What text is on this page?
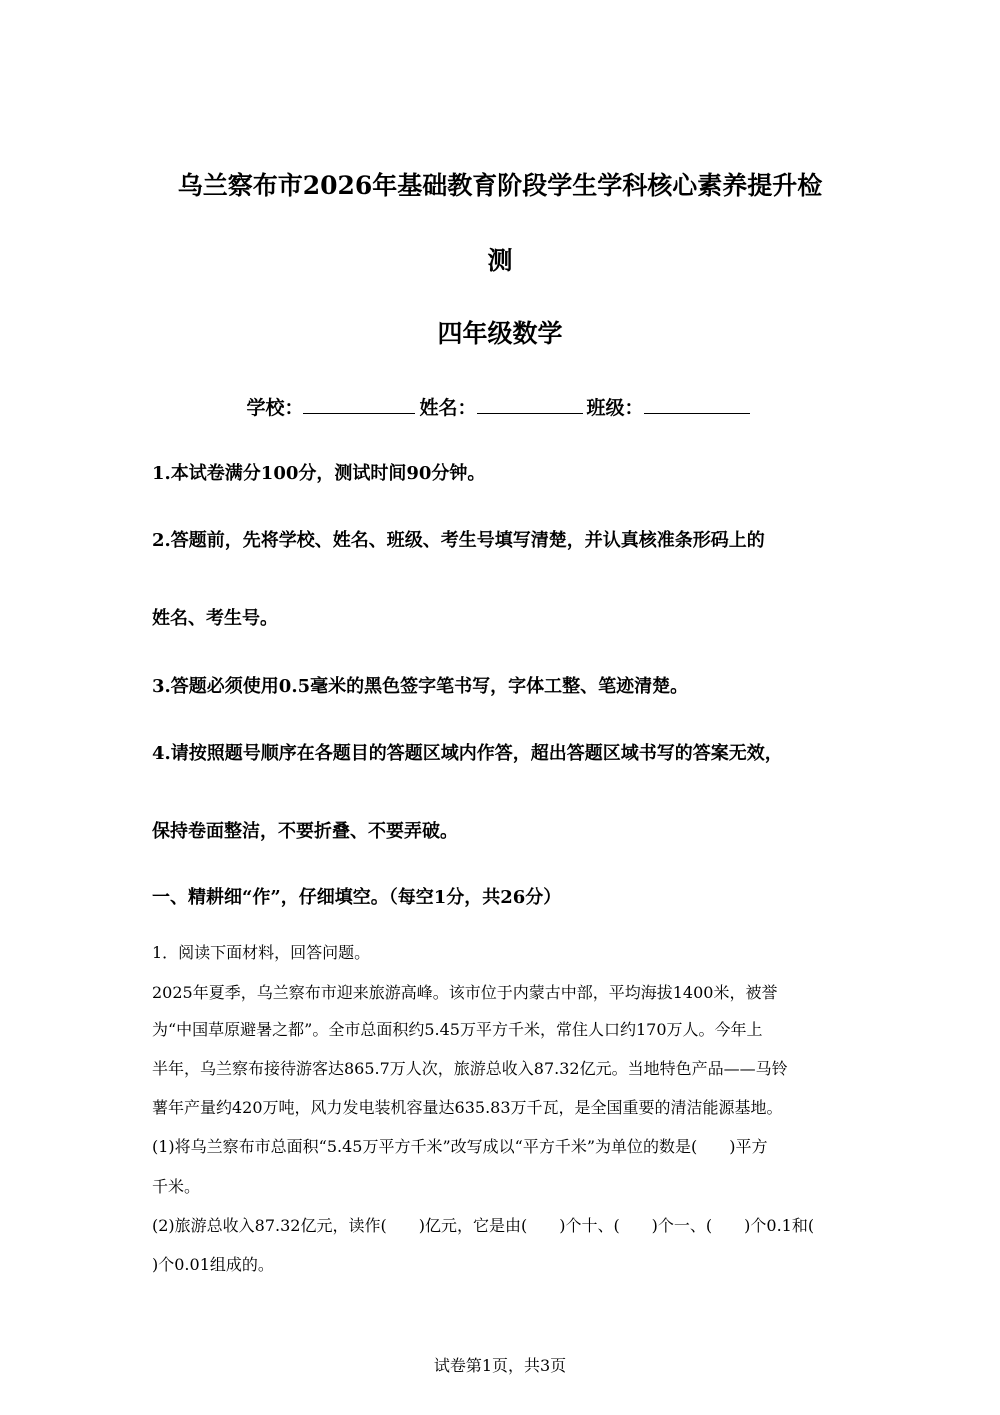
乌兰察布市2026年基础教育阶段学生学科核心素养提升检
测
四年级数学
学校：	姓名：	班级：
1.本试卷满分100分，测试时间90分钟。
2.答题前，先将学校、姓名、班级、考生号填写清楚，并认真核准条形码上的
姓名、考生号。
3.答题必须使用0.5毫米的黑色签字笔书写，字体工整、笔迹清楚。
4.请按照题号顺序在各题目的答题区域内作答，超出答题区域书写的答案无效，
保持卷面整洁，不要折叠、不要弄破。
一、精耕细“作”，仔细填空。（每空1分，共26分）
1．阅读下面材料，回答问题。
2025年夏季，乌兰察布市迎来旅游高峰。该市位于内蒙古中部，平均海拔1400米，被誉
为“中国草原避暑之都”。全市总面积约5.45万平方千米，常住人口约170万人。今年上
半年，乌兰察布接待游客达865.7万人次，旅游总收入87.32亿元。当地特色产品——马铃
薯年产量约420万吨，风力发电装机容量达635.83万千瓦，是全国重要的清洁能源基地。
(1)将乌兰察布市总面积“5.45万平方千米”改写成以“平方千米”为单位的数是(　　)平方
千米。
(2)旅游总收入87.32亿元，读作(　　)亿元，它是由(　　)个十、(　　)个一、(　　)个0.1和(
)个0.01组成的。
试卷第1页，共3页
